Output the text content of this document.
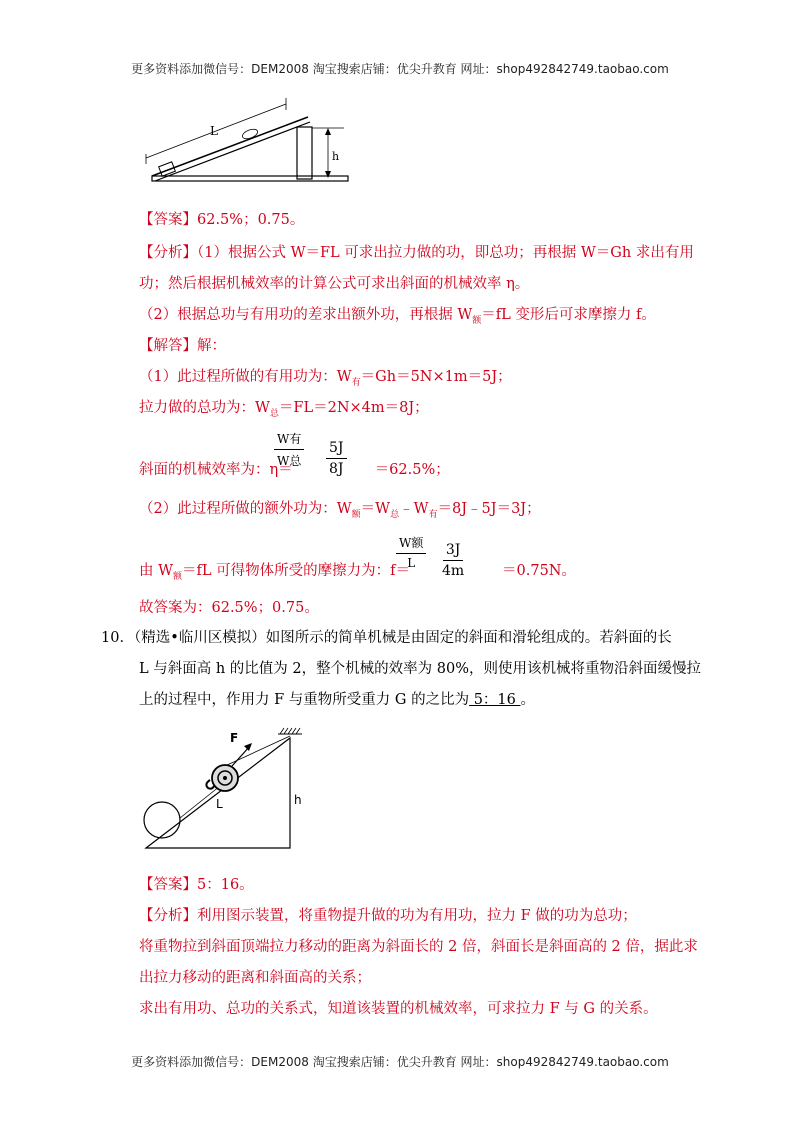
更多资料添加微信号：DEM2008 淘宝搜索店铺：优尖升教育 网址：shop492842749.taobao.com
L
h
【答案】62.5%；0.75。
【分析】（1）根据公式 W＝FL 可求出拉力做的功，即总功；再根据 W＝Gh 求出有用
功；然后根据机械效率的计算公式可求出斜面的机械效率 η。
（2）根据总功与有用功的差求出额外功，再根据 $W_额=fL$ 变形后可求摩擦力 f。
【解答】解：
（1）此过程所做的有用功为：$W_有=Gh=5N\times 1m=5J$；
拉力做的总功为：$W_总=FL=2N\times 4m=8J$；
斜面的机械效率为：η＝	＝62.5%；
W有
W总 $\frac{5J}{8J}$
（2）此过程所做的额外功为：$W_额=W_总﹣W_有=8J﹣5J=3J$；
由 $W_额=fL$ 可得物体所受的摩擦力为：f＝	＝0.75N。
W额
L $\frac{3J}{4m}$
故答案为：62.5%；0.75。
10．（精选•临川区模拟）如图所示的简单机械是由固定的斜面和滑轮组成的。若斜面的长
L 与斜面高 h 的比值为 2，整个机械的效率为 80%，则使用该机械将重物沿斜面缓慢拉
上的过程中，作用力 F 与重物所受重力 G 的之比为 5：16 。
F
L	h
【答案】5：16。
【分析】利用图示装置，将重物提升做的功为有用功，拉力 F 做的功为总功；
将重物拉到斜面顶端拉力移动的距离为斜面长的 2 倍，斜面长是斜面高的 2 倍，据此求
出拉力移动的距离和斜面高的关系；
求出有用功、总功的关系式，知道该装置的机械效率，可求拉力 F 与 G 的关系。
更多资料添加微信号：DEM2008 淘宝搜索店铺：优尖升教育 网址：shop492842749.taobao.com
